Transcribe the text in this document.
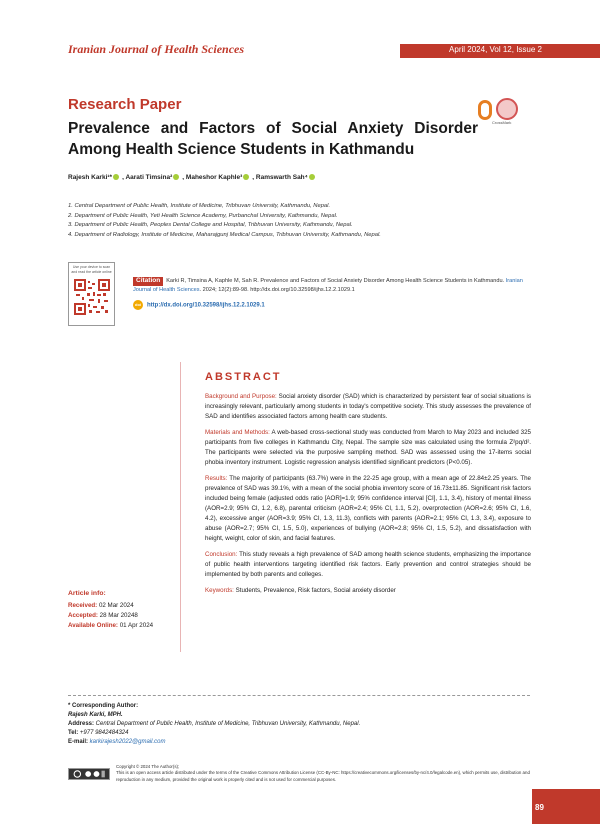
Iranian Journal of Health Sciences	April 2024, Vol 12, Issue 2
Research Paper
Prevalence and Factors of Social Anxiety Disorder Among Health Science Students in Kathmandu
CrossMark
Rajesh Karki¹* , Aarati Timsina² , Maheshor Kaphle³ , Ramswarth Sah⁴
1. Central Department of Public Health, Institute of Medicine, Tribhuvan University, Kathmandu, Nepal.
2. Department of Public Health, Yeti Health Science Academy, Purbanchal University, Kathmandu, Nepal.
3. Department of Public Health, Peoples Dental College and Hospital, Tribhuvan University, Kathmandu, Nepal.
4. Department of Radiology, Institute of Medicine, Maharajgunj Medical Campus, Tribhuvan University, Kathmandu, Nepal.
Use your device to scan and read the article online
Citation Karki R, Timsina A, Kaphle M, Sah R. Prevalence and Factors of Social Anxiety Disorder Among Health Science Students in Kathmandu. Iranian Journal of Health Sciences. 2024; 12(2):89-98. http://dx.doi.org/10.32598/ijhs.12.2.1029.1
doi http://dx.doi.org/10.32598/ijhs.12.2.1029.1
ABSTRACT

Background and Purpose: Social anxiety disorder (SAD) which is characterized by persistent fear of social situations is increasingly relevant, particularly among students in today's competitive society. This study assesses the prevalence of SAD and identifies associated factors among health care students.

Materials and Methods: A web-based cross-sectional study was conducted from March to May 2023 and included 325 participants from five colleges in Kathmandu City, Nepal. The sample size was calculated using the formula Z²pq/d². The participants were selected via the purposive sampling method. SAD was assessed using the 17-items social phobia inventory instrument. Logistic regression analysis identified significant predictors (P<0.05).

Results: The majority of participants (63.7%) were in the 22-25 age group, with a mean age of 22.84±2.25 years. The prevalence of SAD was 39.1%, with a mean of the social phobia inventory score of 16.73±11.85. Significant risk factors included being female (adjusted odds ratio [AOR]=1.9; 95% confidence interval [CI], 1.1, 3.4), history of mental illness (AOR=2.9; 95% CI, 1.2, 6.8), parental criticism (AOR=2.4; 95% CI, 1.1, 5.2), overprotection (AOR=2.6; 95% CI, 1.6, 4.2), excessive anger (AOR=3.9; 95% CI, 1.3, 11.3), conflicts with parents (AOR=2.1; 95% CI, 1.3, 3.4), exposure to abuse (AOR=2.7; 95% CI, 1.5, 5.0), experiences of bullying (AOR=2.8; 95% CI, 1.5, 5.2), and dissatisfaction with height, weight, color of skin, and facial features.

Conclusion: This study reveals a high prevalence of SAD among health science students, emphasizing the importance of public health interventions targeting identified risk factors. Early prevention and control strategies should be implemented by both parents and colleges.

Keywords: Students, Prevalence, Risk factors, Social anxiety disorder

Article info:
Received: 02 Mar 2024
Accepted: 28 Mar 20248
Available Online: 01 Apr 2024
* Corresponding Author:
Rajesh Karki, MPH.
Address: Central Department of Public Health, Institute of Medicine, Tribhuvan University, Kathmandu, Nepal.
Tel: +977 9842484324
E-mail: karkirajesh2022@gmail.com
Copyright © 2024 The Author(s);
This is an open access article distributed under the terms of the Creative Commons Attribution License (CC-By-NC: https://creativecommons.org/licenses/by-nc/4.0/legalcode.en), which permits use, distribution and reproduction in any medium, provided the original work is properly cited and is not used for commercial purposes.
89
